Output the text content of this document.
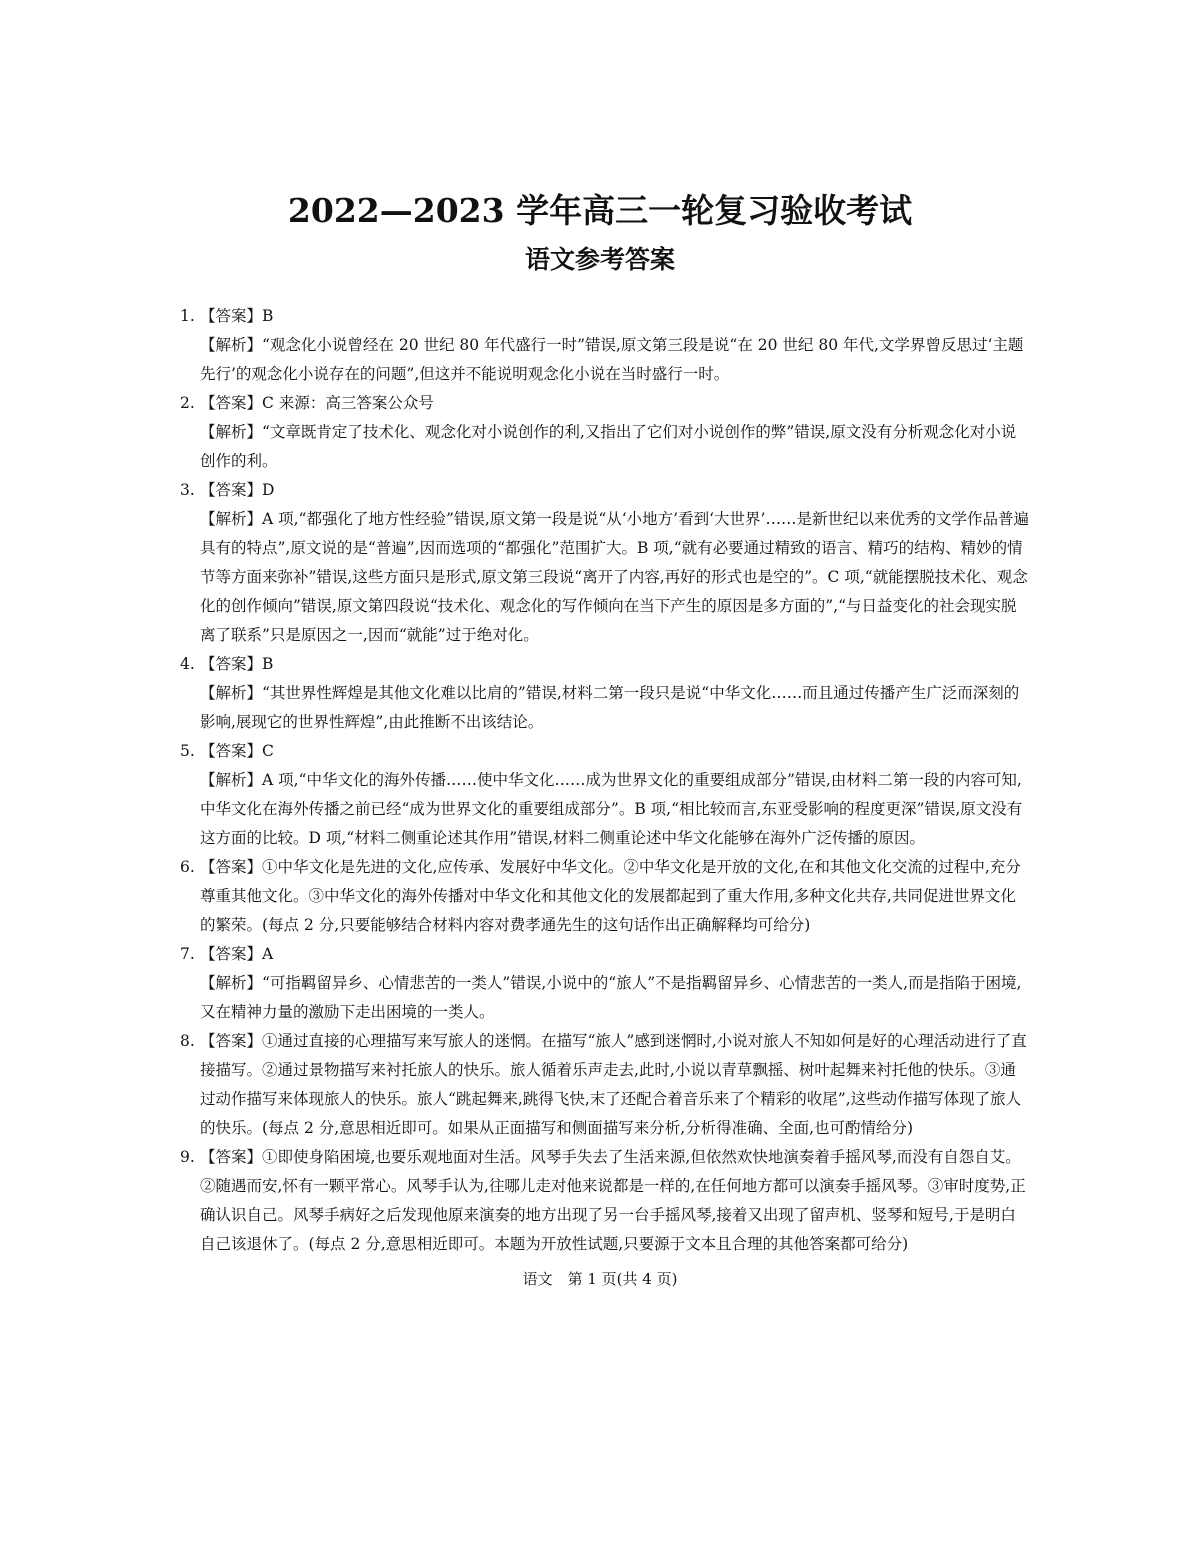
2022—2023 学年高三一轮复习验收考试
语文参考答案
1. 【答案】B
【解析】“观念化小说曾经在 20 世纪 80 年代盛行一时”错误,原文第三段是说“在 20 世纪 80 年代,文学界曾反思过‘主题先行’的观念化小说存在的问题”,但这并不能说明观念化小说在当时盛行一时。
2. 【答案】C 来源：高三答案公众号
【解析】“文章既肯定了技术化、观念化对小说创作的利,又指出了它们对小说创作的弊”错误,原文没有分析观念化对小说创作的利。
3. 【答案】D
【解析】A 项,“都强化了地方性经验”错误,原文第一段是说“从‘小地方’看到‘大世界’……是新世纪以来优秀的文学作品普遍具有的特点”,原文说的是“普遍”,因而选项的“都强化”范围扩大。B 项,“就有必要通过精致的语言、精巧的结构、精妙的情节等方面来弥补”错误,这些方面只是形式,原文第三段说“离开了内容,再好的形式也是空的”。C 项,“就能摆脱技术化、观念化的创作倾向”错误,原文第四段说“技术化、观念化的写作倾向在当下产生的原因是多方面的”,“与日益变化的社会现实脱离了联系”只是原因之一,因而“就能”过于绝对化。
4. 【答案】B
【解析】“其世界性辉煌是其他文化难以比肩的”错误,材料二第一段只是说“中华文化……而且通过传播产生广泛而深刻的影响,展现它的世界性辉煌”,由此推断不出该结论。
5. 【答案】C
【解析】A 项,“中华文化的海外传播……使中华文化……成为世界文化的重要组成部分”错误,由材料二第一段的内容可知,中华文化在海外传播之前已经“成为世界文化的重要组成部分”。B 项,“相比较而言,东亚受影响的程度更深”错误,原文没有这方面的比较。D 项,“材料二侧重论述其作用”错误,材料二侧重论述中华文化能够在海外广泛传播的原因。
6. 【答案】①中华文化是先进的文化,应传承、发展好中华文化。②中华文化是开放的文化,在和其他文化交流的过程中,充分尊重其他文化。③中华文化的海外传播对中华文化和其他文化的发展都起到了重大作用,多种文化共存,共同促进世界文化的繁荣。(每点 2 分,只要能够结合材料内容对费孝通先生的这句话作出正确解释均可给分)
7. 【答案】A
【解析】“可指羁留异乡、心情悲苦的一类人”错误,小说中的“旅人”不是指羁留异乡、心情悲苦的一类人,而是指陷于困境,又在精神力量的激励下走出困境的一类人。
8. 【答案】①通过直接的心理描写来写旅人的迷惘。在描写“旅人”感到迷惘时,小说对旅人不知如何是好的心理活动进行了直接描写。②通过景物描写来衬托旅人的快乐。旅人循着乐声走去,此时,小说以青草飘摇、树叶起舞来衬托他的快乐。③通过动作描写来体现旅人的快乐。旅人“跳起舞来,跳得飞快,末了还配合着音乐来了个精彩的收尾”,这些动作描写体现了旅人的快乐。(每点 2 分,意思相近即可。如果从正面描写和侧面描写来分析,分析得准确、全面,也可酌情给分)
9. 【答案】①即使身陷困境,也要乐观地面对生活。风琴手失去了生活来源,但依然欢快地演奏着手摇风琴,而没有自怨自艾。②随遇而安,怀有一颗平常心。风琴手认为,往哪儿走对他来说都是一样的,在任何地方都可以演奏手摇风琴。③审时度势,正确认识自己。风琴手病好之后发现他原来演奏的地方出现了另一台手摇风琴,接着又出现了留声机、竖琴和短号,于是明白自己该退休了。(每点 2 分,意思相近即可。本题为开放性试题,只要源于文本且合理的其他答案都可给分)
语文　第 1 页(共 4 页)
